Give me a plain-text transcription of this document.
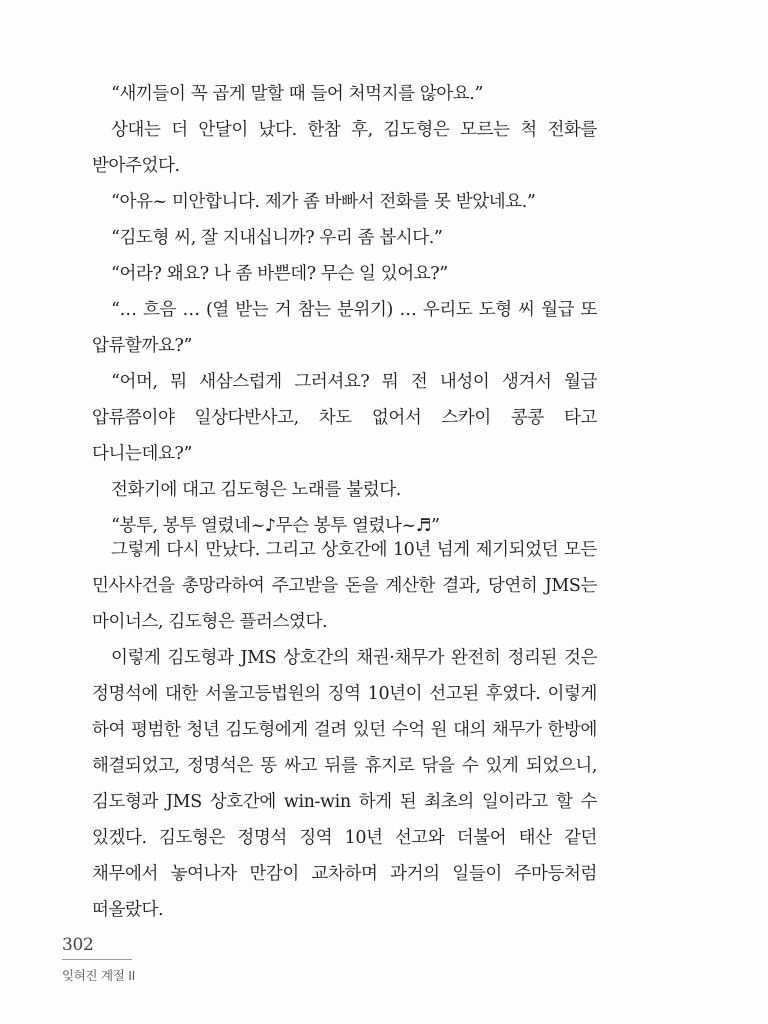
“새끼들이 꼭 곱게 말할 때 들어 처먹지를 않아요.”

상대는 더 안달이 났다. 한참 후, 김도형은 모르는 척 전화를 받아주었다.

“아유~ 미안합니다. 제가 좀 바빠서 전화를 못 받았네요.”

“김도형 씨, 잘 지내십니까? 우리 좀 봅시다.”

“어라? 왜요? 나 좀 바쁜데? 무슨 일 있어요?”

“… 흐음 … (열 받는 거 참는 분위기) … 우리도 도형 씨 월급 또 압류할까요?”

“어머, 뭐 새삼스럽게 그러셔요? 뭐 전 내성이 생겨서 월급 압류쯤이야 일상다반사고, 차도 없어서 스카이 콩콩 타고 다니는데요?”

전화기에 대고 김도형은 노래를 불렀다.

“봉투, 봉투 열렸네~♪무슨 봉투 열렸나~♬”

그렇게 다시 만났다. 그리고 상호간에 10년 넘게 제기되었던 모든 민사사건을 총망라하여 주고받을 돈을 계산한 결과, 당연히 JMS는 마이너스, 김도형은 플러스였다.

이렇게 김도형과 JMS 상호간의 채권·채무가 완전히 정리된 것은 정명석에 대한 서울고등법원의 징역 10년이 선고된 후였다. 이렇게 하여 평범한 청년 김도형에게 걸려 있던 수억 원 대의 채무가 한방에 해결되었고, 정명석은 똥 싸고 뒤를 휴지로 닦을 수 있게 되었으니, 김도형과 JMS 상호간에 win-win 하게 된 최초의 일이라고 할 수 있겠다. 김도형은 정명석 징역 10년 선고와 더불어 태산 같던 채무에서 놓여나자 만감이 교차하며 과거의 일들이 주마등처럼 떠올랐다.

302
잊혀진 계절 II
